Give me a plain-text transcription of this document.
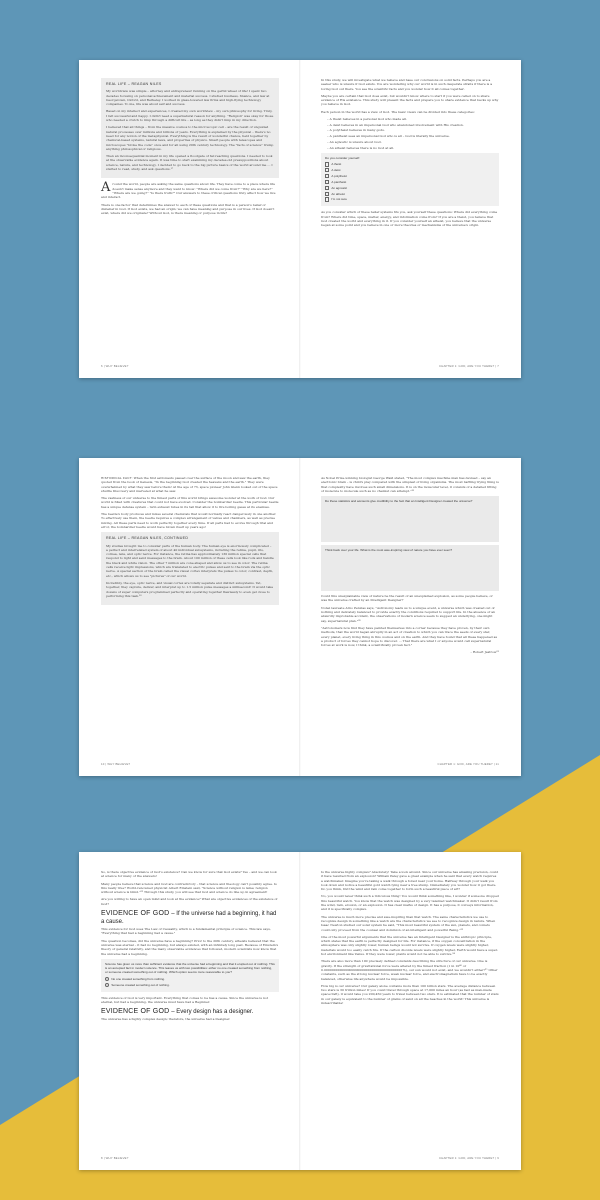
REAL LIFE – REAGAN NILES

My worldview was simple – attorney and entrepreneur running on the gerbil wheel of life! I spent two decades focusing on personal achievement and material success. I studied business, finance, and law at Georgetown, Oxford, and Berkeley. I worked in glass-towered law firms and high-flying technology companies. To me, life was about self and success.

Based on my intellect and experiences, I created my own worldview – my own philosophy for living. Truly, I felt successful and happy. I didn't need a supernatural reason for anything. "Religion" was okay for those who needed a crutch to limp through a difficult life – as long as they didn't limp in my direction.

I believed that all things – from the massive cosmos to the microscopic cell – are the result of unguided natural processes over millions and billions of years. Everything is explained by the physical – there's no need for any notion of the metaphysical. Everything is the result of wonderful chance, held together by chemical-based systems, natural laws, and properties of physics. Smart people with telescopes and microscopes "broke the code" once and for all using 20th century technology. The "facts of science" trump anything philosophical or religious.

Then an inconsequential moment in my life opened a floodgate of far-reaching questions. I needed to look at the observable evidence again. It was time to start examining my decades-old presuppositions about science, nature, and technology. I decided to go back to the big picture basics of the world around me … I started to read, study, and ask questions.¹⁷

Around the world, people are asking the same questions about life. They have come to a place where life doesn't make sense anymore and they want to know: "Where did we come from?" "Why are we here?" "Where are we going?" "Is there truth?" Our answers to these critical questions truly affect how we live and interact.

There is one factor that determines the answer to each of these questions and that is a person's belief or disbelief in God. If God exists, we had an origin; we can have meaning and purpose in our lives. If God doesn't exist, where did we originate? Without God, is there meaning or purpose in life?

6 | WHY BELIEVE?

In this study, we will investigate what we believe and base our conclusions on solid facts. Perhaps you are a seeker who is unsure if God exists. You are wondering why our world is in such desperate straits if there is a loving God out there. You see the scientific facts and you wonder how it all comes together.

Maybe you are certain that God does exist, but wouldn't know where to start if you were called on to share evidence of His existence. This study will present the facts and prepare you to share evidence that backs up why you believe in God.

Each person in the world has a view of God. The basic views can be divided into these categories:

– A theist believes in a personal God who made all.
– A deist believes in an impersonal God who abandoned involvement with His creation.
– A polytheist believes in many gods.
– A pantheist sees an impersonal God who is all – God is literally the universe.
– An agnostic is unsure about God.
– An atheist believes there is no God at all.
Do you consider yourself:
A theist
A deist
A polytheist
A pantheist
An agnostic
An atheist
I'm not sure

As you consider which of these belief systems fits you, ask yourself these questions: Where did everything come from? Where did time, space, matter, energy, and information come from? If you are a theist, you believe that God created the world and everything in it. If you consider yourself an atheist, you believe that the universe began at some point and you believe in one or more theories or mechanisms of the universe's origin.

CHAPTER 1: GOD, ARE YOU THERE? | 7

HISTORICAL FACT: When the first astronauts passed over the surface of the moon and saw the earth, they quoted from the book of Genesis, "In the beginning God created the heavens and the earth." They were overwhelmed by what they saw before them! At the age of 73, space pioneer John Glenn looked out of the space shuttle Discovery and marveled at what he saw.

The vastness of our universe to the tiniest parts of this world brings awesome wonder at the work of God. Our world is filled with creatures that could not have evolved. Consider the bombardier beetle. This particular beetle has a unique defense system – twin exhaust tubes in its tail that allow it to fire boiling gases at its enemies.

The beetle's body produces and mixes several chemicals that would normally react dangerously in one another. To effectively use them, the beetle requires a complex arrangement of valves and chambers, as well as precise mixing. All these parts need to work perfectly together every time. If all parts had to evolve through trial and error, the bombardier beetle would have blown itself up years ago!

REAL LIFE – REAGAN NILES, CONTINUED

My studies brought me to consider parts of the human body. The human eye is enormously complicated – a perfect and interrelated system of about 40 individual subsystems, including the retina, pupil, iris, cornea, lens, and optic nerve. For instance, the retina has approximately 130 million special cells that respond to light and send messages to the brain. About 100 million of these cells look like rods and handle the black and white vision. The other 7 million are cone-shaped and allow us to see in color. The retina cells receive light impressions, which are translated to electric pulses and sent to the brain via the optic nerve. A special section of the brain called the visual cortex interprets the pulses to color, contrast, depth, etc., which allows us to see "pictures" of our world.

Incredibly, the eye, optic nerve, and visual cortex are totally separate and distinct subsystems. Yet, together, they capture, deliver, and interpret up to 1.5 million pulse messages a millisecond! It would take dozens of super computers programmed perfectly and operating together flawlessly to even get close to performing this task.¹⁸

10 | WHY BELIEVE?

As Nobel Prize-winning biologist George Wald stated, "The most complex machine man has devised – say an electronic brain – is child's play compared with the simplest of living organisms. The most baffling trying thing is that complexity have involves such small dimensions. It is on the molecular level, it consists of a detailed fitting of molecule to molecule such as no chemist can attempt."¹⁹

Do these statistics and accounts give credibility to the fact that an Intelligent Designer created the universe?
Think back over your life. What is the most awe-inspiring view of nature you have ever seen?

Could this unexplainable view of nature be the result of an unexplained explosion, as some people believe, or was the universe crafted by an Intelligent Designer?

Nobel laureate Arno Penzias says, "Astronomy leads us to a unique event, a universe which was created out of nothing and delicately balanced to provide exactly the conditions required to support life. In the absence of an absurdly improbable accident, the observations of modern science seem to suggest an underlying, one might say, supernatural plan."²⁰

"Astronomers now find they have painted themselves into a corner because they have proven, by their own methods, that the world began abruptly in an act of creation to which you can trace the seeds of every star, every planet, every living thing in this cosmos and on the earth. And they have found that all these happened as a product of forces they cannot hope to discover. … That there are what I or anyone would call supernatural forces at work is now, I think, a scientifically proven fact."

– Robert Jastrow²¹

CHAPTER 1: GOD, ARE YOU THERE? | 11

So, is there objective evidence of God's existence? Can we know for sure that God exists? Yes – and we can look at science for many of the answers!

Many people believe that science and God are contradictory – that science and theology can't possibly agree. Is this really true? World-renowned physicist Albert Einstein said, "Science without religion is lame; religion without science is blind."²² Through this study, you will see that God and science do line up in agreement!

Are you willing to have an open mind and look at the evidence? What are objective evidences of the existence of God?

EVIDENCE OF GOD – If the universe had a beginning, it had a cause.

This evidence for God uses The Law of Causality, which is a fundamental principle of science. This law says, "Everything that had a beginning had a cause."

The question becomes, did the universe have a beginning? Prior to the 20th century, atheists believed that the universe was eternal – it had no beginning, but always existed, with an infinitely long past. Because of Einstein's theory of general relativity, and the many observable evidences that followed, modern scientists now know that the universe had a beginning.

Science has given us more than sufficient evidence that the universe had a beginning and that it erupted out of nothing. This is an accepted fact in modern science. This leaves us with two possibilities: either no one created something from nothing, or someone created something out of nothing. Which option seems more reasonable to you?
No one created something from nothing.
Someone created something out of nothing.

This evidence of God is very important. Everything that comes to be has a cause. Since the universe is not eternal, but had a beginning, the universe must have had a Beginner.

EVIDENCE OF GOD – Every design has a designer.

The universe has a highly complex design; therefore, the universe had a Designer.

8 | WHY BELIEVE?

Is the universe highly complex? Absolutely! Take a look around. Since our universe has amazing precision, could it have resulted from an explosion? William Paley gave a great example when he said that every watch requires a watchmaker. Imagine you're taking a walk through a forest near your home. Halfway through your walk you look down and notice a beautiful gold watch lying near a tree stump. Immediately you wonder how it got there. Do you think, Did the wind and rain come together to form such a beautiful piece of art?

No, you would never think such a ridiculous thing! You would think something like, I wonder if someone dropped this beautiful watch. You know that the watch was designed by a very talented watchmaker. It didn't result from the wind, rain, erosion, or an explosion. It has clear marks of design. It has a purpose, it conveys information, and it is specifically complex.

The universe is much more precise and awe-inspiring than that watch. The same characteristics we use to recognize design in something like a watch are the characteristics we see to recognize design in nature. When Isaac Newton studied our solar system he said, "This most beautiful system of the sun, planets, and comets could only proceed from the counsel and dominion of an intelligent and powerful Being."²³

One of the most powerful arguments that the universe has an Intelligent Designer is the anthropic principle, which states that the earth is perfectly designed for life. For instance, if the oxygen concentration in the atmosphere was only slightly lower, human beings would not survive. If oxygen levels were slightly higher, materials would too easily catch fire. If the carbon dioxide levels were slightly higher, Earth would have a super-hot environment like Venus. If they were lower, plants would not be able to survive.²⁴

There are also more than 100 precisely defined constants describing the structure of our universe. One is gravity. If the strength of gravitational force were altered by the tiniest fraction (1 in 10⁴⁰ or 0.0000000000000000000000000000000000000001%), our sun would not exist, and we wouldn't either!²⁵ Other constants, such as the strong nuclear force, weak nuclear force, and electromagnetism have to be exactly balanced, otherwise life anywhere would be impossible.

How big is our universe? Our galaxy alone contains more than 100 billion stars. The average distance between two stars is 30 trillion miles! If you could travel through space at 17,000 miles an hour (as fast as man-made spacecraft), it would take you 200,450 years to travel between two stars. It is estimated that the number of stars in our galaxy is equivalent to the number of grains of sand on all the beaches in the world! This universe is indescribable!

CHAPTER 1: GOD, ARE YOU THERE? | 9
